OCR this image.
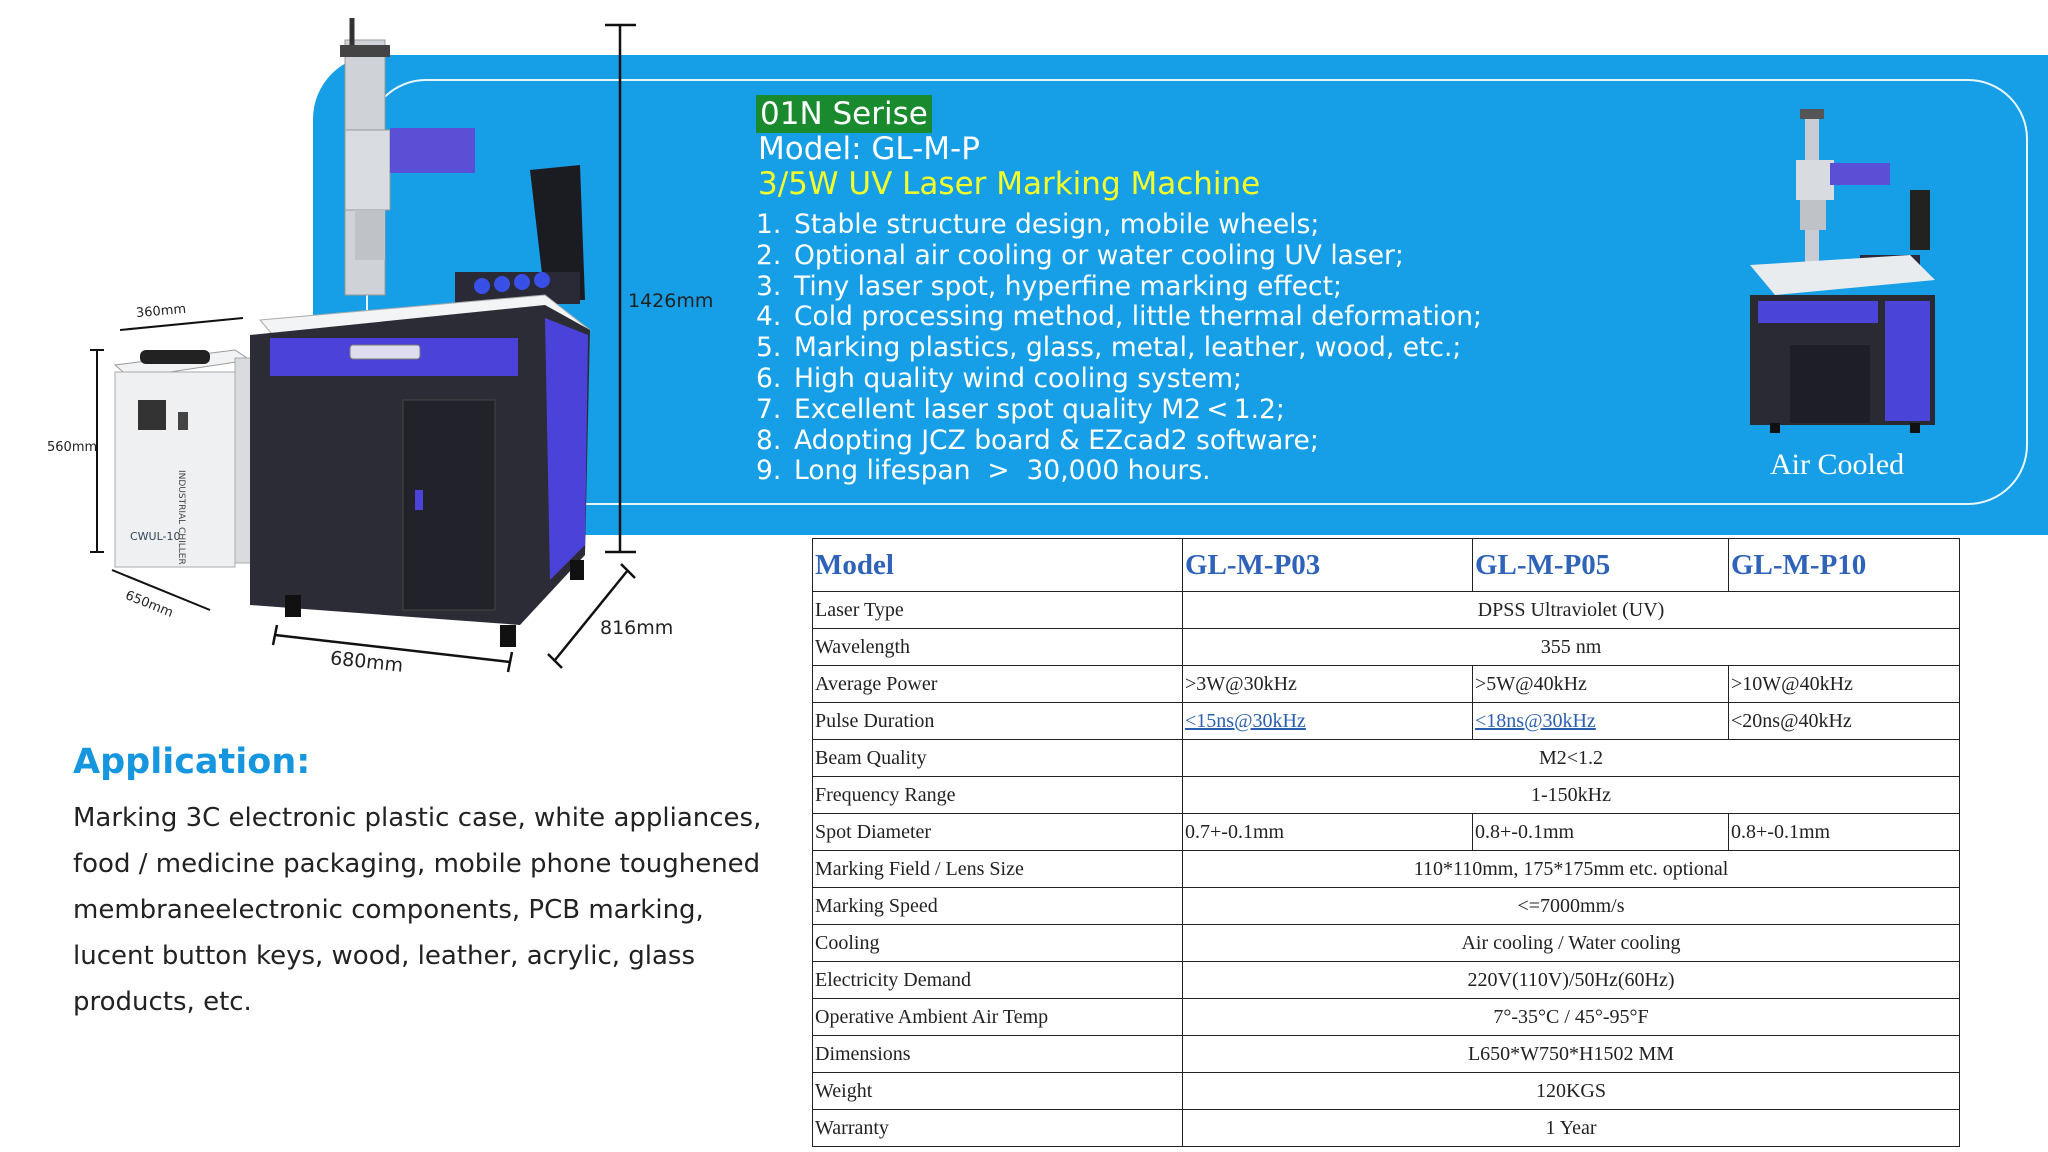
01N Serise
Model: GL-M-P
3/5W UV Laser Marking Machine
1. Stable structure design, mobile wheels;
2. Optional air cooling or water cooling UV laser;
3. Tiny laser spot, hyperfine marking effect;
4. Cold processing method, little thermal deformation;
5. Marking plastics, glass, metal, leather, wood, etc.;
6. High quality wind cooling system;
7. Excellent laser spot quality M2 < 1.2;
8. Adopting JCZ board & EZcad2 software;
9. Long lifespan  >  30,000 hours.	Air Cooled
CWUL-10
1426mm
816mm
680mm
360mm
560mm
650mm
Application:

Marking 3C electronic plastic case, white appliances, food / medicine packaging, mobile phone toughened membraneelectronic components, PCB marking, lucent button keys, wood, leather, acrylic, glass products, etc.

Model	GL-M-P03	GL-M-P05	GL-M-P10
Laser Type	DPSS Ultraviolet (UV)		
Wavelength	355 nm		
Average Power	>3W@30kHz	>5W@40kHz	>10W@40kHz
Pulse Duration	<15ns@30kHz	<18ns@30kHz	<20ns@40kHz
Beam Quality	M2<1.2		
Frequency Range	1-150kHz		
Spot Diameter	0.7+-0.1mm	0.8+-0.1mm	0.8+-0.1mm
Marking Field / Lens Size	110*110mm, 175*175mm etc. optional		
Marking Speed	<=7000mm/s		
Cooling	Air cooling / Water cooling		
Electricity Demand	220V(110V)/50Hz(60Hz)		
Operative Ambient Air Temp	7°-35°C / 45°-95°F		
Dimensions	L650*W750*H1502 MM		
Weight	120KGS		
Warranty	1 Year		
INDUSTRIAL CHILLER
